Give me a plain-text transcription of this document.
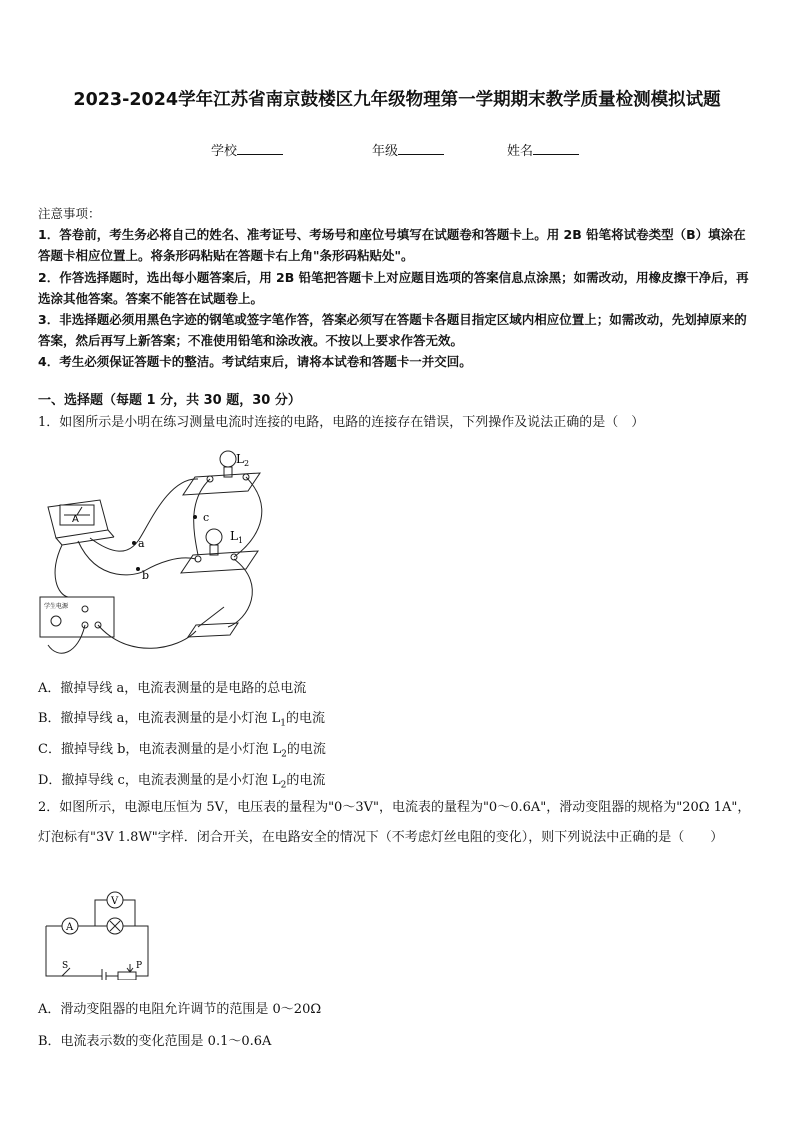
2023-2024学年江苏省南京鼓楼区九年级物理第一学期期末教学质量检测模拟试题
学校	年级	姓名

注意事项：

1．答卷前，考生务必将自己的姓名、准考证号、考场号和座位号填写在试题卷和答题卡上。用 2B 铅笔将试卷类型（B）填涂在答题卡相应位置上。将条形码粘贴在答题卡右上角"条形码粘贴处"。

2．作答选择题时，选出每小题答案后，用 2B 铅笔把答题卡上对应题目选项的答案信息点涂黑；如需改动，用橡皮擦干净后，再选涂其他答案。答案不能答在试题卷上。

3．非选择题必须用黑色字迹的钢笔或签字笔作答，答案必须写在答题卡各题目指定区域内相应位置上；如需改动，先划掉原来的答案，然后再写上新答案；不准使用铅笔和涂改液。不按以上要求作答无效。

4．考生必须保证答题卡的整洁。考试结束后，请将本试卷和答题卡一并交回。

一、选择题（每题 1 分，共 30 题，30 分）
1．如图所示是小明在练习测量电流时连接的电路，电路的连接存在错误，下列操作及说法正确的是（　）
$L_2$
$L_1$
a
b
c
A
学生电源
A．撤掉导线 a，电流表测量的是电路的总电流
B．撤掉导线 a，电流表测量的是小灯泡 $L_1$的电流
C．撤掉导线 b，电流表测量的是小灯泡 $L_2$的电流
D．撤掉导线 c，电流表测量的是小灯泡 $L_2$的电流
2．如图所示，电源电压恒为 5V，电压表的量程为"0～3V"，电流表的量程为"0～0.6A"，滑动变阻器的规格为"20Ω 1A"，灯泡标有"3V 1.8W"字样．闭合开关，在电路安全的情况下（不考虑灯丝电阻的变化），则下列说法中正确的是（　　）
A
V
S	P
A．滑动变阻器的电阻允许调节的范围是 0～20Ω
B．电流表示数的变化范围是 0.1～0.6A
